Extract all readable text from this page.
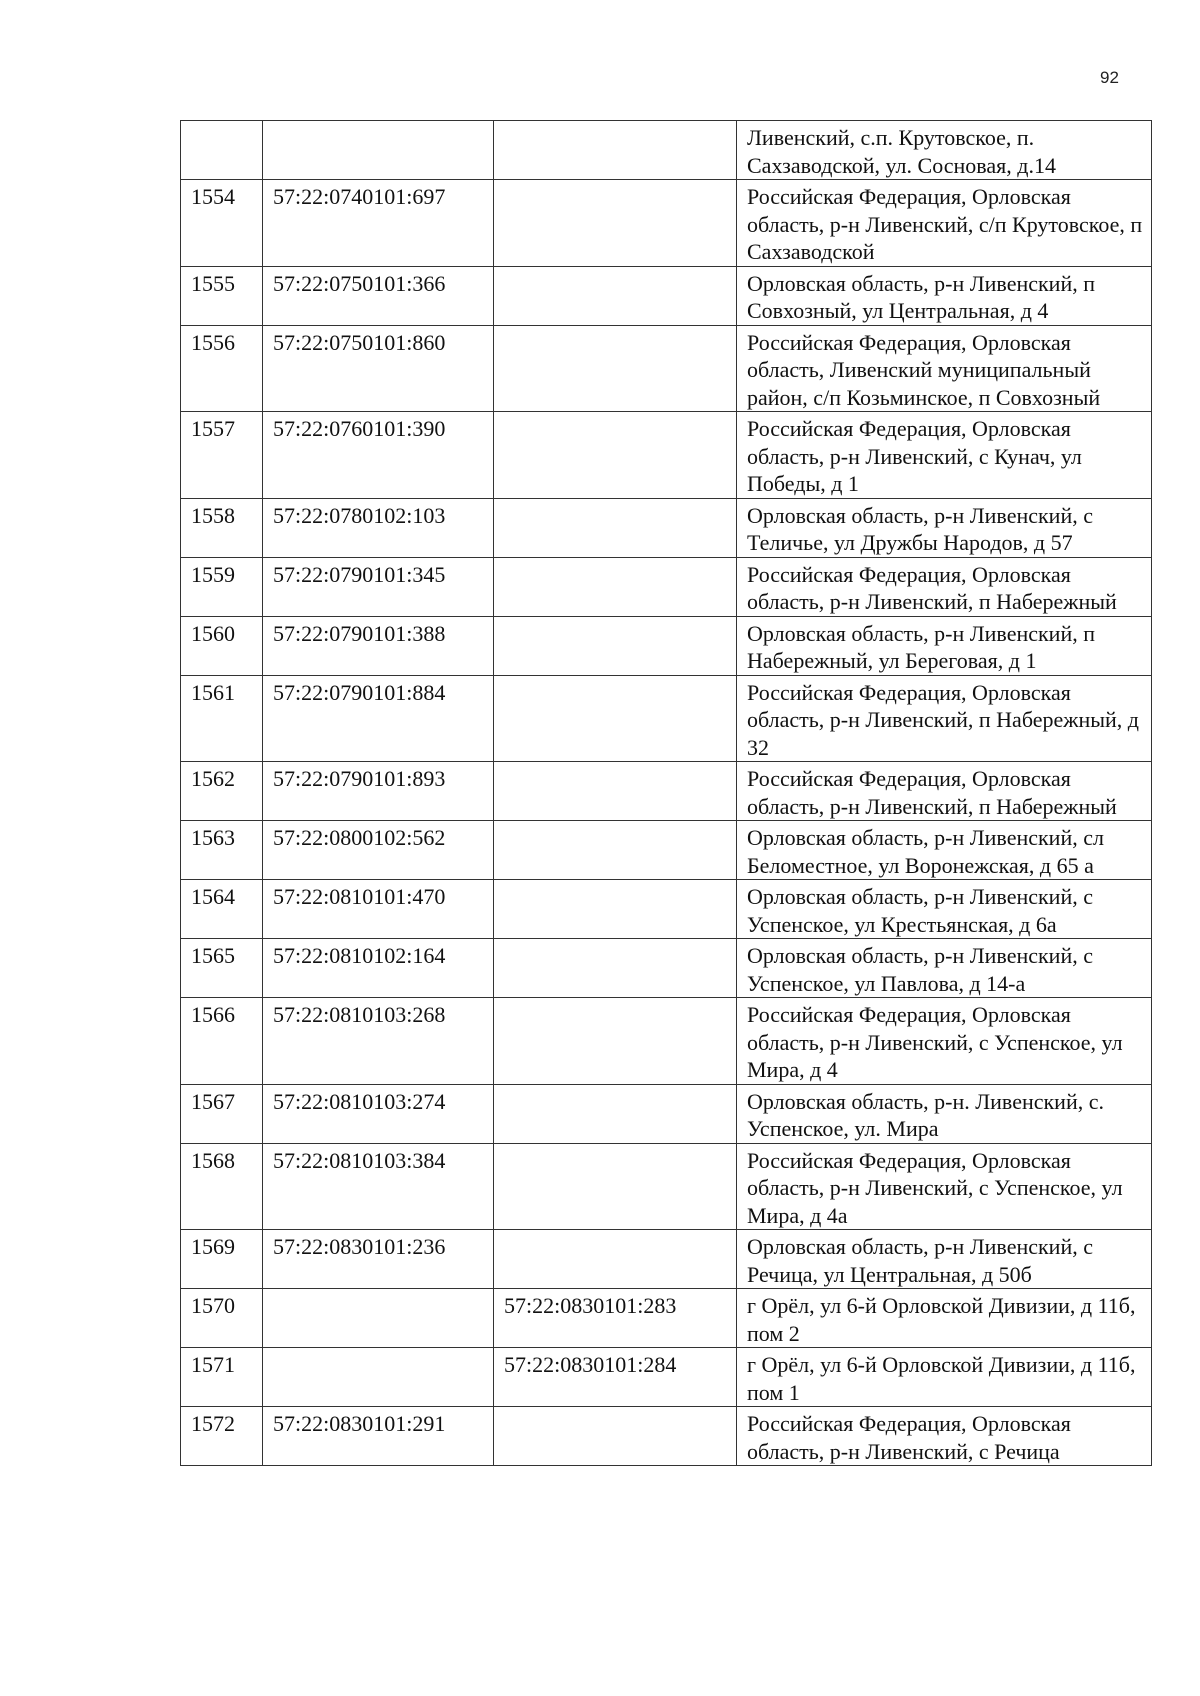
92
			Ливенский, с.п. Крутовское, п. Сахзаводской, ул. Сосновая, д.14
1554	57:22:0740101:697		Российская Федерация, Орловская область, р-н Ливенский, с/п Крутовское, п Сахзаводской
1555	57:22:0750101:366		Орловская область, р-н Ливенский, п Совхозный, ул Центральная, д 4
1556	57:22:0750101:860		Российская Федерация, Орловская область, Ливенский муниципальный район, с/п Козьминское, п Совхозный
1557	57:22:0760101:390		Российская Федерация, Орловская область, р-н Ливенский, с Кунач, ул Победы, д 1
1558	57:22:0780102:103		Орловская область, р-н Ливенский, с Теличье, ул Дружбы Народов, д 57
1559	57:22:0790101:345		Российская Федерация, Орловская область, р-н Ливенский, п Набережный
1560	57:22:0790101:388		Орловская область, р-н Ливенский, п Набережный, ул Береговая, д 1
1561	57:22:0790101:884		Российская Федерация, Орловская область, р-н Ливенский, п Набережный, д 32
1562	57:22:0790101:893		Российская Федерация, Орловская область, р-н Ливенский, п Набережный
1563	57:22:0800102:562		Орловская область, р-н Ливенский, сл Беломестное, ул Воронежская, д 65 а
1564	57:22:0810101:470		Орловская область, р-н Ливенский, с Успенское, ул Крестьянская, д 6а
1565	57:22:0810102:164		Орловская область, р-н Ливенский, с Успенское, ул Павлова, д 14-а
1566	57:22:0810103:268		Российская Федерация, Орловская область, р-н Ливенский, с Успенское, ул Мира, д 4
1567	57:22:0810103:274		Орловская область, р-н. Ливенский, с. Успенское, ул. Мира
1568	57:22:0810103:384		Российская Федерация, Орловская область, р-н Ливенский, с Успенское, ул Мира, д 4а
1569	57:22:0830101:236		Орловская область, р-н Ливенский, с Речица, ул Центральная, д 50б
1570		57:22:0830101:283	г Орёл, ул 6-й Орловской Дивизии, д 11б, пом 2
1571		57:22:0830101:284	г Орёл, ул 6-й Орловской Дивизии, д 11б, пом 1
1572	57:22:0830101:291		Российская Федерация, Орловская область, р-н Ливенский, с Речица
